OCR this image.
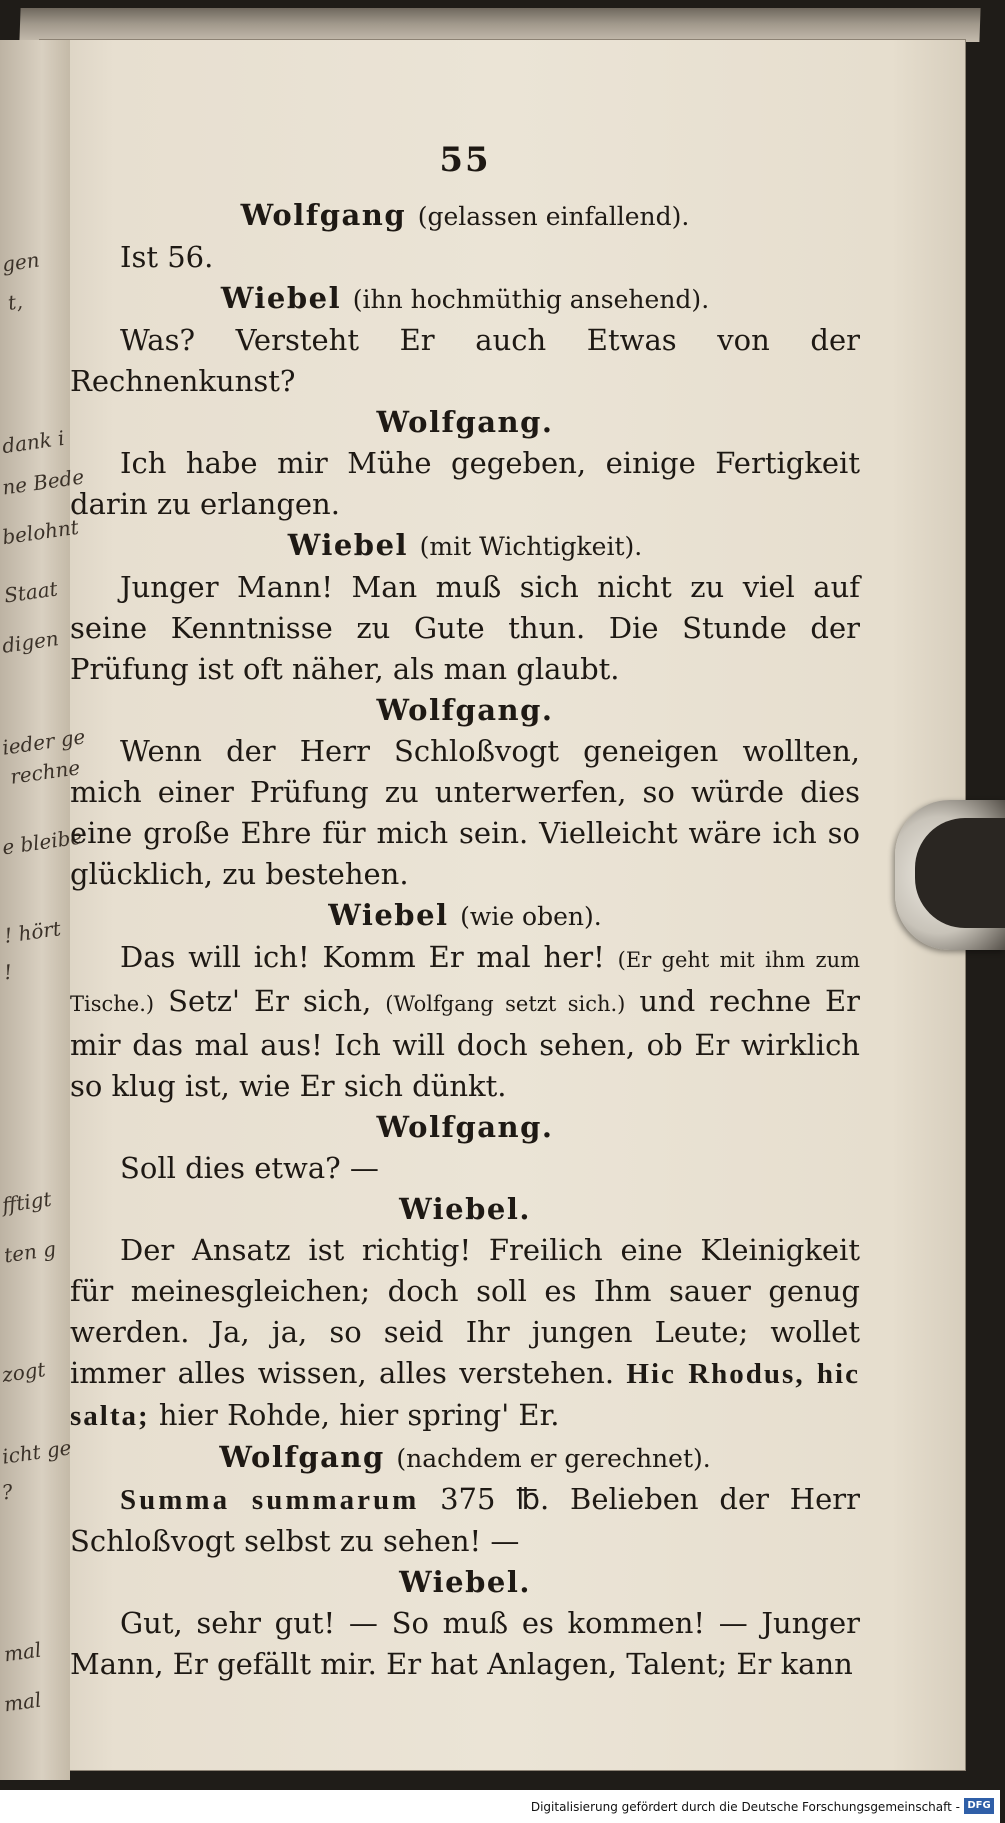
gen
t,
dank i
ne Bede
belohnt
Staat
digen
ieder ge
rechne
e bleibe
! hört
!
fftigt
ten g
zogt
icht ge
?
mal
mal
55
Wolfgang (gelassen einfallend).
Ist 56.
Wiebel (ihn hochmüthig ansehend).
Was? Versteht Er auch Etwas von der Rechnenkunst?
Wolfgang.
Ich habe mir Mühe gegeben, einige Fertigkeit darin zu erlangen.
Wiebel (mit Wichtigkeit).
Junger Mann! Man muß sich nicht zu viel auf seine Kenntnisse zu Gute thun. Die Stunde der Prüfung ist oft näher, als man glaubt.
Wolfgang.
Wenn der Herr Schloßvogt geneigen wollten, mich einer Prüfung zu unterwerfen, so würde dies eine große Ehre für mich sein. Vielleicht wäre ich so glücklich, zu bestehen.
Wiebel (wie oben).
Das will ich! Komm Er mal her! (Er geht mit ihm zum Tische.) Setz' Er sich, (Wolfgang setzt sich.) und rechne Er mir das mal aus! Ich will doch sehen, ob Er wirklich so klug ist, wie Er sich dünkt.
Wolfgang.
Soll dies etwa? —
Wiebel.
Der Ansatz ist richtig! Freilich eine Kleinigkeit für meinesgleichen; doch soll es Ihm sauer genug werden. Ja, ja, so seid Ihr jungen Leute; wollet immer alles wissen, alles verstehen. Hic Rhodus, hic salta; hier Rohde, hier spring' Er.
Wolfgang (nachdem er gerechnet).
Summa summarum 375 ℔. Belieben der Herr Schloßvogt selbst zu sehen! —
Wiebel.
Gut, sehr gut! — So muß es kommen! — Junger Mann, Er gefällt mir. Er hat Anlagen, Talent; Er kann
Digitalisierung gefördert durch die Deutsche Forschungsgemeinschaft - DFG
